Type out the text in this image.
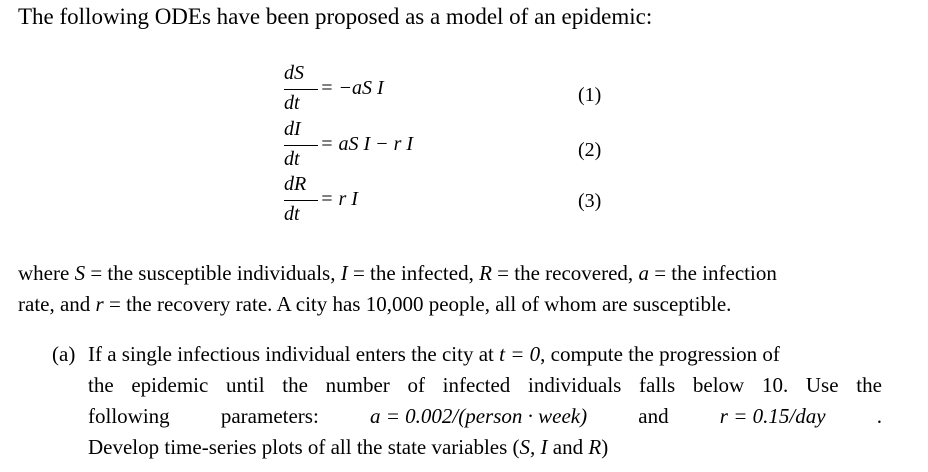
The following ODEs have been proposed as a model of an epidemic:
dS
dt
= −aS I	(1)
dI
dt
= aS I − r I	(2)
dR
dt
= r I	(3)
where S = the susceptible individuals, I = the infected, R = the recovered, a = the infection
rate, and r = the recovery rate. A city has 10,000 people, all of whom are susceptible.
(a) If a single infectious individual enters the city at t = 0, compute the progression of
the epidemic until the number of infected individuals falls below 10. Use the
following parameters: a = 0.002/(person · week) and r = 0.15/day .
Develop time-series plots of all the state variables (S, I and R)
